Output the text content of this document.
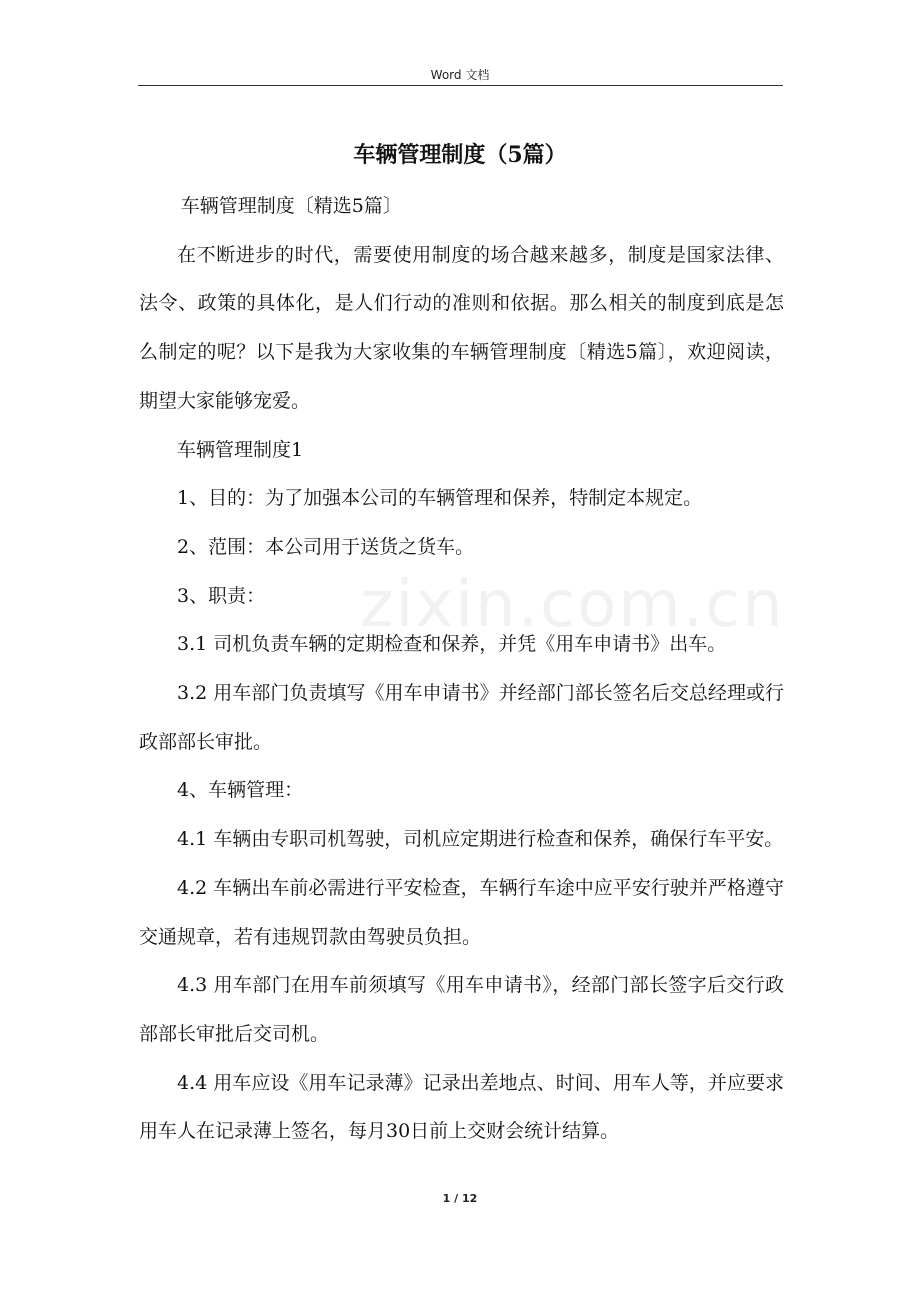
Word 文档
zixin.com.cn
车辆管理制度（5篇）

车辆管理制度〔精选5篇〕

在不断进步的时代，需要使用制度的场合越来越多，制度是国家法律、法令、政策的具体化，是人们行动的准则和依据。那么相关的制度到底是怎么制定的呢？以下是我为大家收集的车辆管理制度〔精选5篇〕，欢迎阅读，期望大家能够宠爱。

车辆管理制度1

1、目的：为了加强本公司的车辆管理和保养，特制定本规定。

2、范围：本公司用于送货之货车。

3、职责：

3.1 司机负责车辆的定期检查和保养，并凭《用车申请书》出车。

3.2 用车部门负责填写《用车申请书》并经部门部长签名后交总经理或行政部部长审批。

4、车辆管理：

4.1 车辆由专职司机驾驶，司机应定期进行检查和保养，确保行车平安。

4.2 车辆出车前必需进行平安检查，车辆行车途中应平安行驶并严格遵守交通规章，若有违规罚款由驾驶员负担。

4.3 用车部门在用车前须填写《用车申请书》，经部门部长签字后交行政部部长审批后交司机。

4.4 用车应设《用车记录薄》记录出差地点、时间、用车人等，并应要求用车人在记录薄上签名，每月30日前上交财会统计结算。

1 / 12
